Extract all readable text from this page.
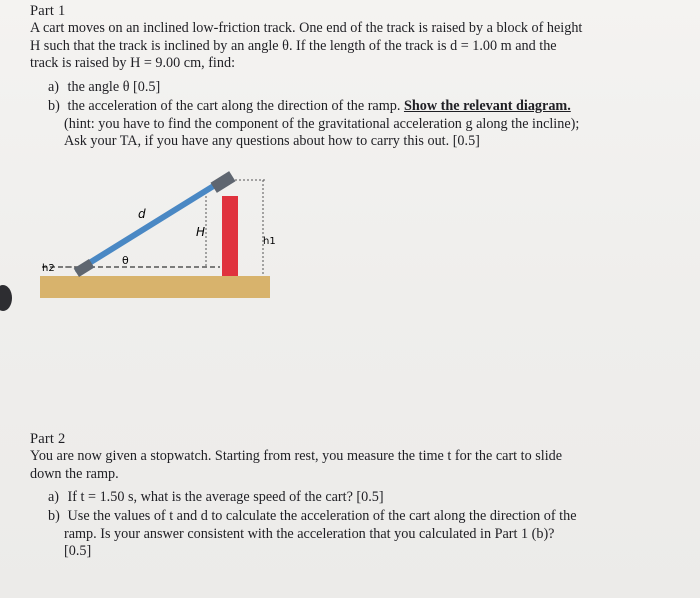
Part 1
A cart moves on an inclined low-friction track. One end of the track is raised by a block of height
H such that the track is inclined by an angle θ. If the length of the track is d = 1.00 m and the
track is raised by H = 9.00 cm, find:
a) the angle θ [0.5]
b) the acceleration of the cart along the direction of the ramp. Show the relevant diagram.
(hint: you have to find the component of the gravitational acceleration g along the incline);
Ask your TA, if you have any questions about how to carry this out. [0.5]
d
H
h1
h2
θ
Part 2
You are now given a stopwatch. Starting from rest, you measure the time t for the cart to slide
down the ramp.
a) If t = 1.50 s, what is the average speed of the cart? [0.5]
b) Use the values of t and d to calculate the acceleration of the cart along the direction of the
ramp. Is your answer consistent with the acceleration that you calculated in Part 1 (b)?
[0.5]
